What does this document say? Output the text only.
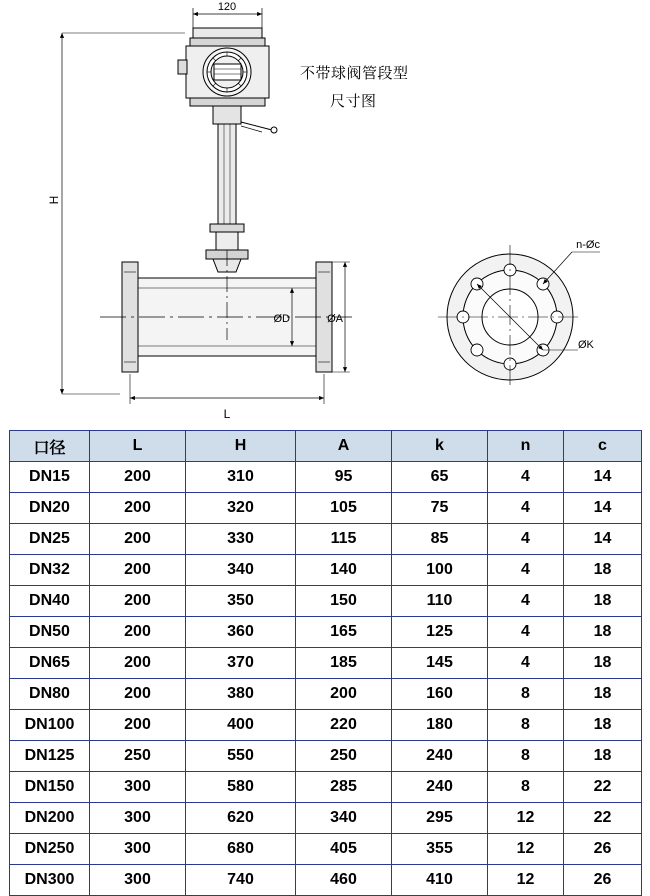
120
H
L
ØD	ØA
n-Øc
ØK
不带球阀管段型
尺寸图
口径	L	H	A	k	n	c
DN15	200	310	95	65	4	14
DN20	200	320	105	75	4	14
DN25	200	330	115	85	4	14
DN32	200	340	140	100	4	18
DN40	200	350	150	110	4	18
DN50	200	360	165	125	4	18
DN65	200	370	185	145	4	18
DN80	200	380	200	160	8	18
DN100	200	400	220	180	8	18
DN125	250	550	250	240	8	18
DN150	300	580	285	240	8	22
DN200	300	620	340	295	12	22
DN250	300	680	405	355	12	26
DN300	300	740	460	410	12	26
